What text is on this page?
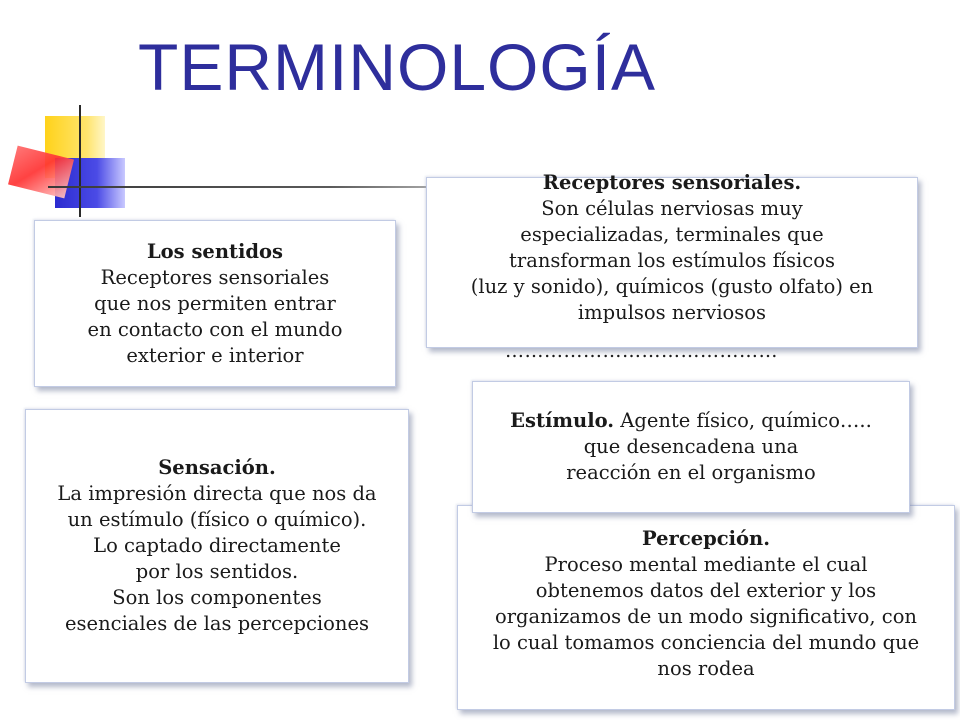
TERMINOLOGÍA
Los sentidos
Receptores sensoriales
que nos permiten entrar
en contacto con el mundo
exterior e interior
Receptores sensoriales.
Son células nerviosas muy
especializadas, terminales que
transforman los estímulos físicos
(luz y sonido), químicos (gusto olfato) en
impulsos nerviosos
……………………………………
Sensación.
La impresión directa que nos da
un estímulo (físico o químico).
Lo captado directamente
por los sentidos.
Son los componentes
esenciales de las percepciones
Percepción.
Proceso mental mediante el cual
obtenemos datos del exterior y los
organizamos de un modo significativo, con
lo cual tomamos conciencia del mundo que
nos rodea
Estímulo. Agente físico, químico…..
que desencadena una
reacción en el organismo
